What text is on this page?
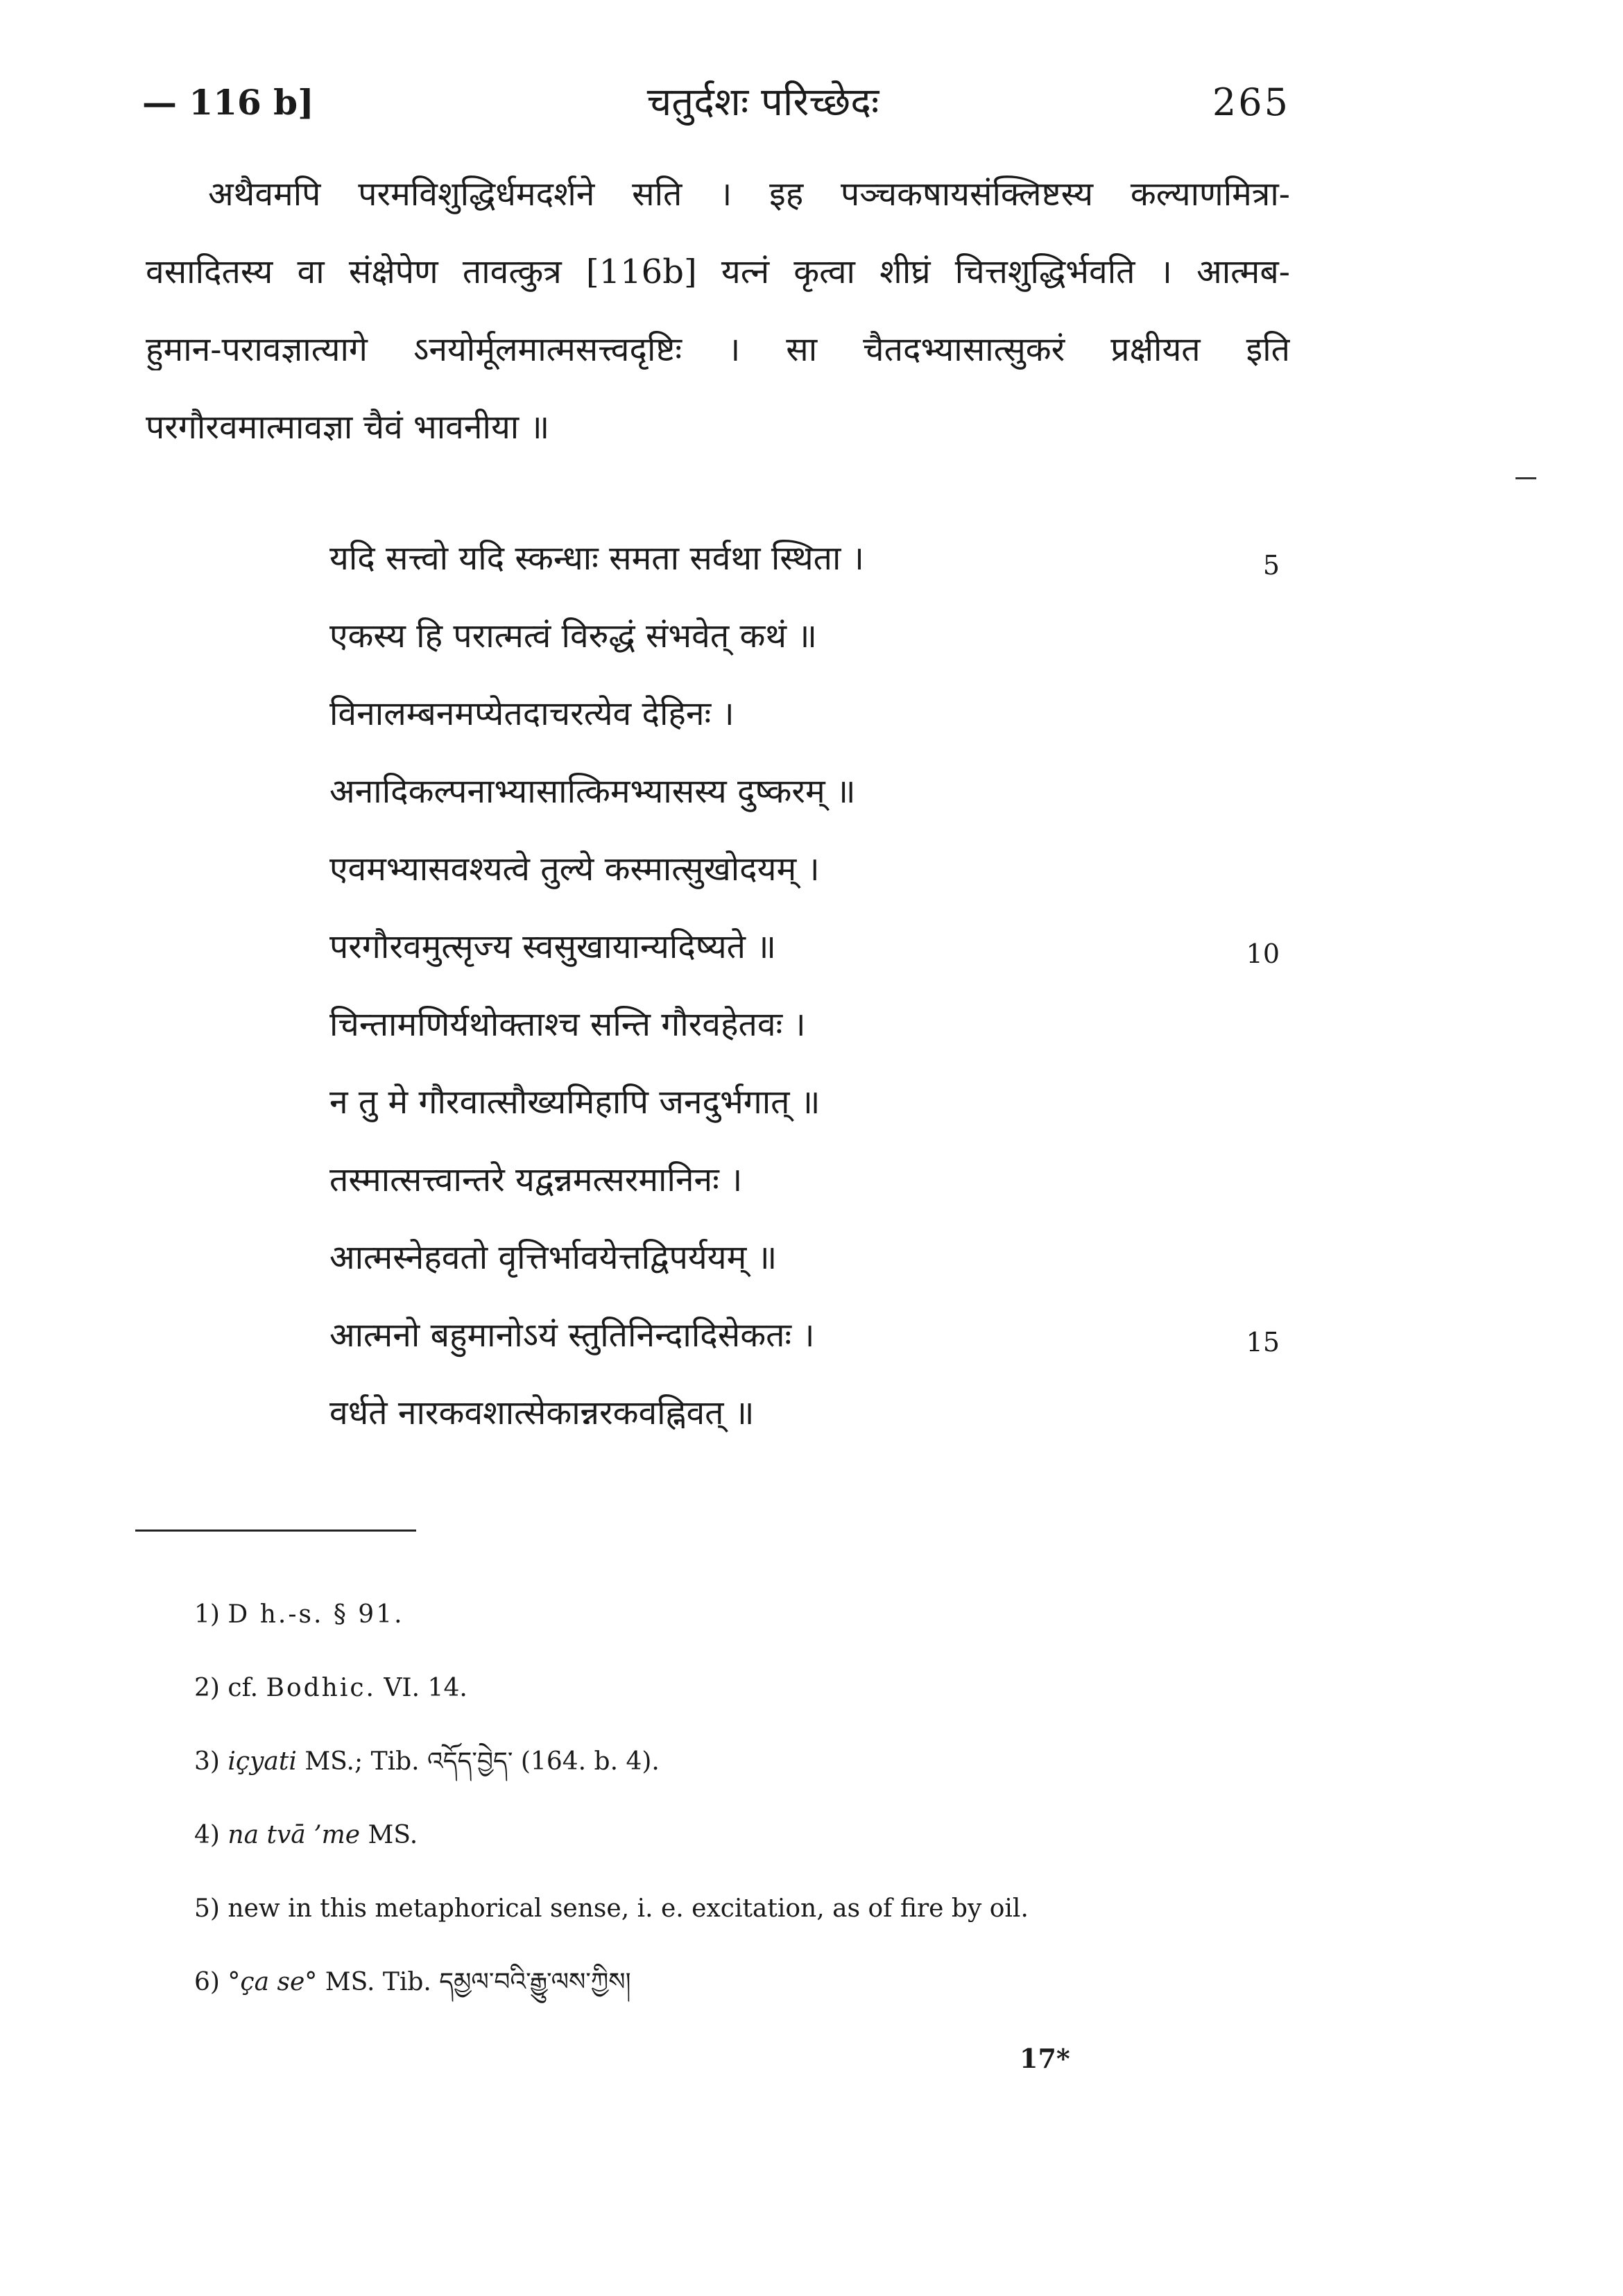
— 116 b]	चतुर्दशः परिच्छेदः	265
अथैवमपि परमविशुद्धिर्धमदर्शने सति । इह पञ्चकषायसंक्लिष्टस्य कल्याणमित्रा-
वसादितस्य वा संक्षेपेण तावत्कुत्र [116b] यत्नं कृत्वा शीघ्रं चित्तशुद्धिर्भवति । आत्मब-
हुमान-परावज्ञात्यागे ऽनयोर्मूलमात्मसत्त्वदृष्टिः । सा चैतदभ्यासात्सुकरं प्रक्षीयत इति
परगौरवमात्मावज्ञा चैवं भावनीया ॥
यदि सत्त्वो यदि स्कन्धाः समता सर्वथा स्थिता ।	5
एकस्य हि परात्मत्वं विरुद्धं संभवेत् कथं ॥
विनालम्बनमप्येतदाचरत्येव देहिनः ।
अनादिकल्पनाभ्यासात्किमभ्यासस्य दुष्करम् ॥
एवमभ्यासवश्यत्वे तुल्ये कस्मात्सुखोदयम् ।
परगौरवमुत्सृज्य स्वसुखायान्यदिष्यते ॥	10
चिन्तामणिर्यथोक्ताश्च सन्ति गौरवहेतवः ।
न तु मे गौरवात्सौख्यमिहापि जनदुर्भगात् ॥
तस्मात्सत्त्वान्तरे यद्वन्नमत्सरमानिनः ।
आत्मस्नेहवतो वृत्तिर्भावयेत्तद्विपर्ययम् ॥
आत्मनो बहुमानोऽयं स्तुतिनिन्दादिसेकतः ।	15
वर्धते नारकवशात्सेकान्नरकवह्निवत् ॥
1) D h.-s. § 91.
2) cf. Bodhic. VI. 14.
3) içyati MS.; Tib. འདོད་བྱེད་ (164. b. 4).
4) na tvā ’me MS.
5) new in this metaphorical sense, i. e. excitation, as of fire by oil.
6) °ça se° MS. Tib. དམྱལ་བའི་རྒྱུ་ལས་ཀྱིས།
17*
